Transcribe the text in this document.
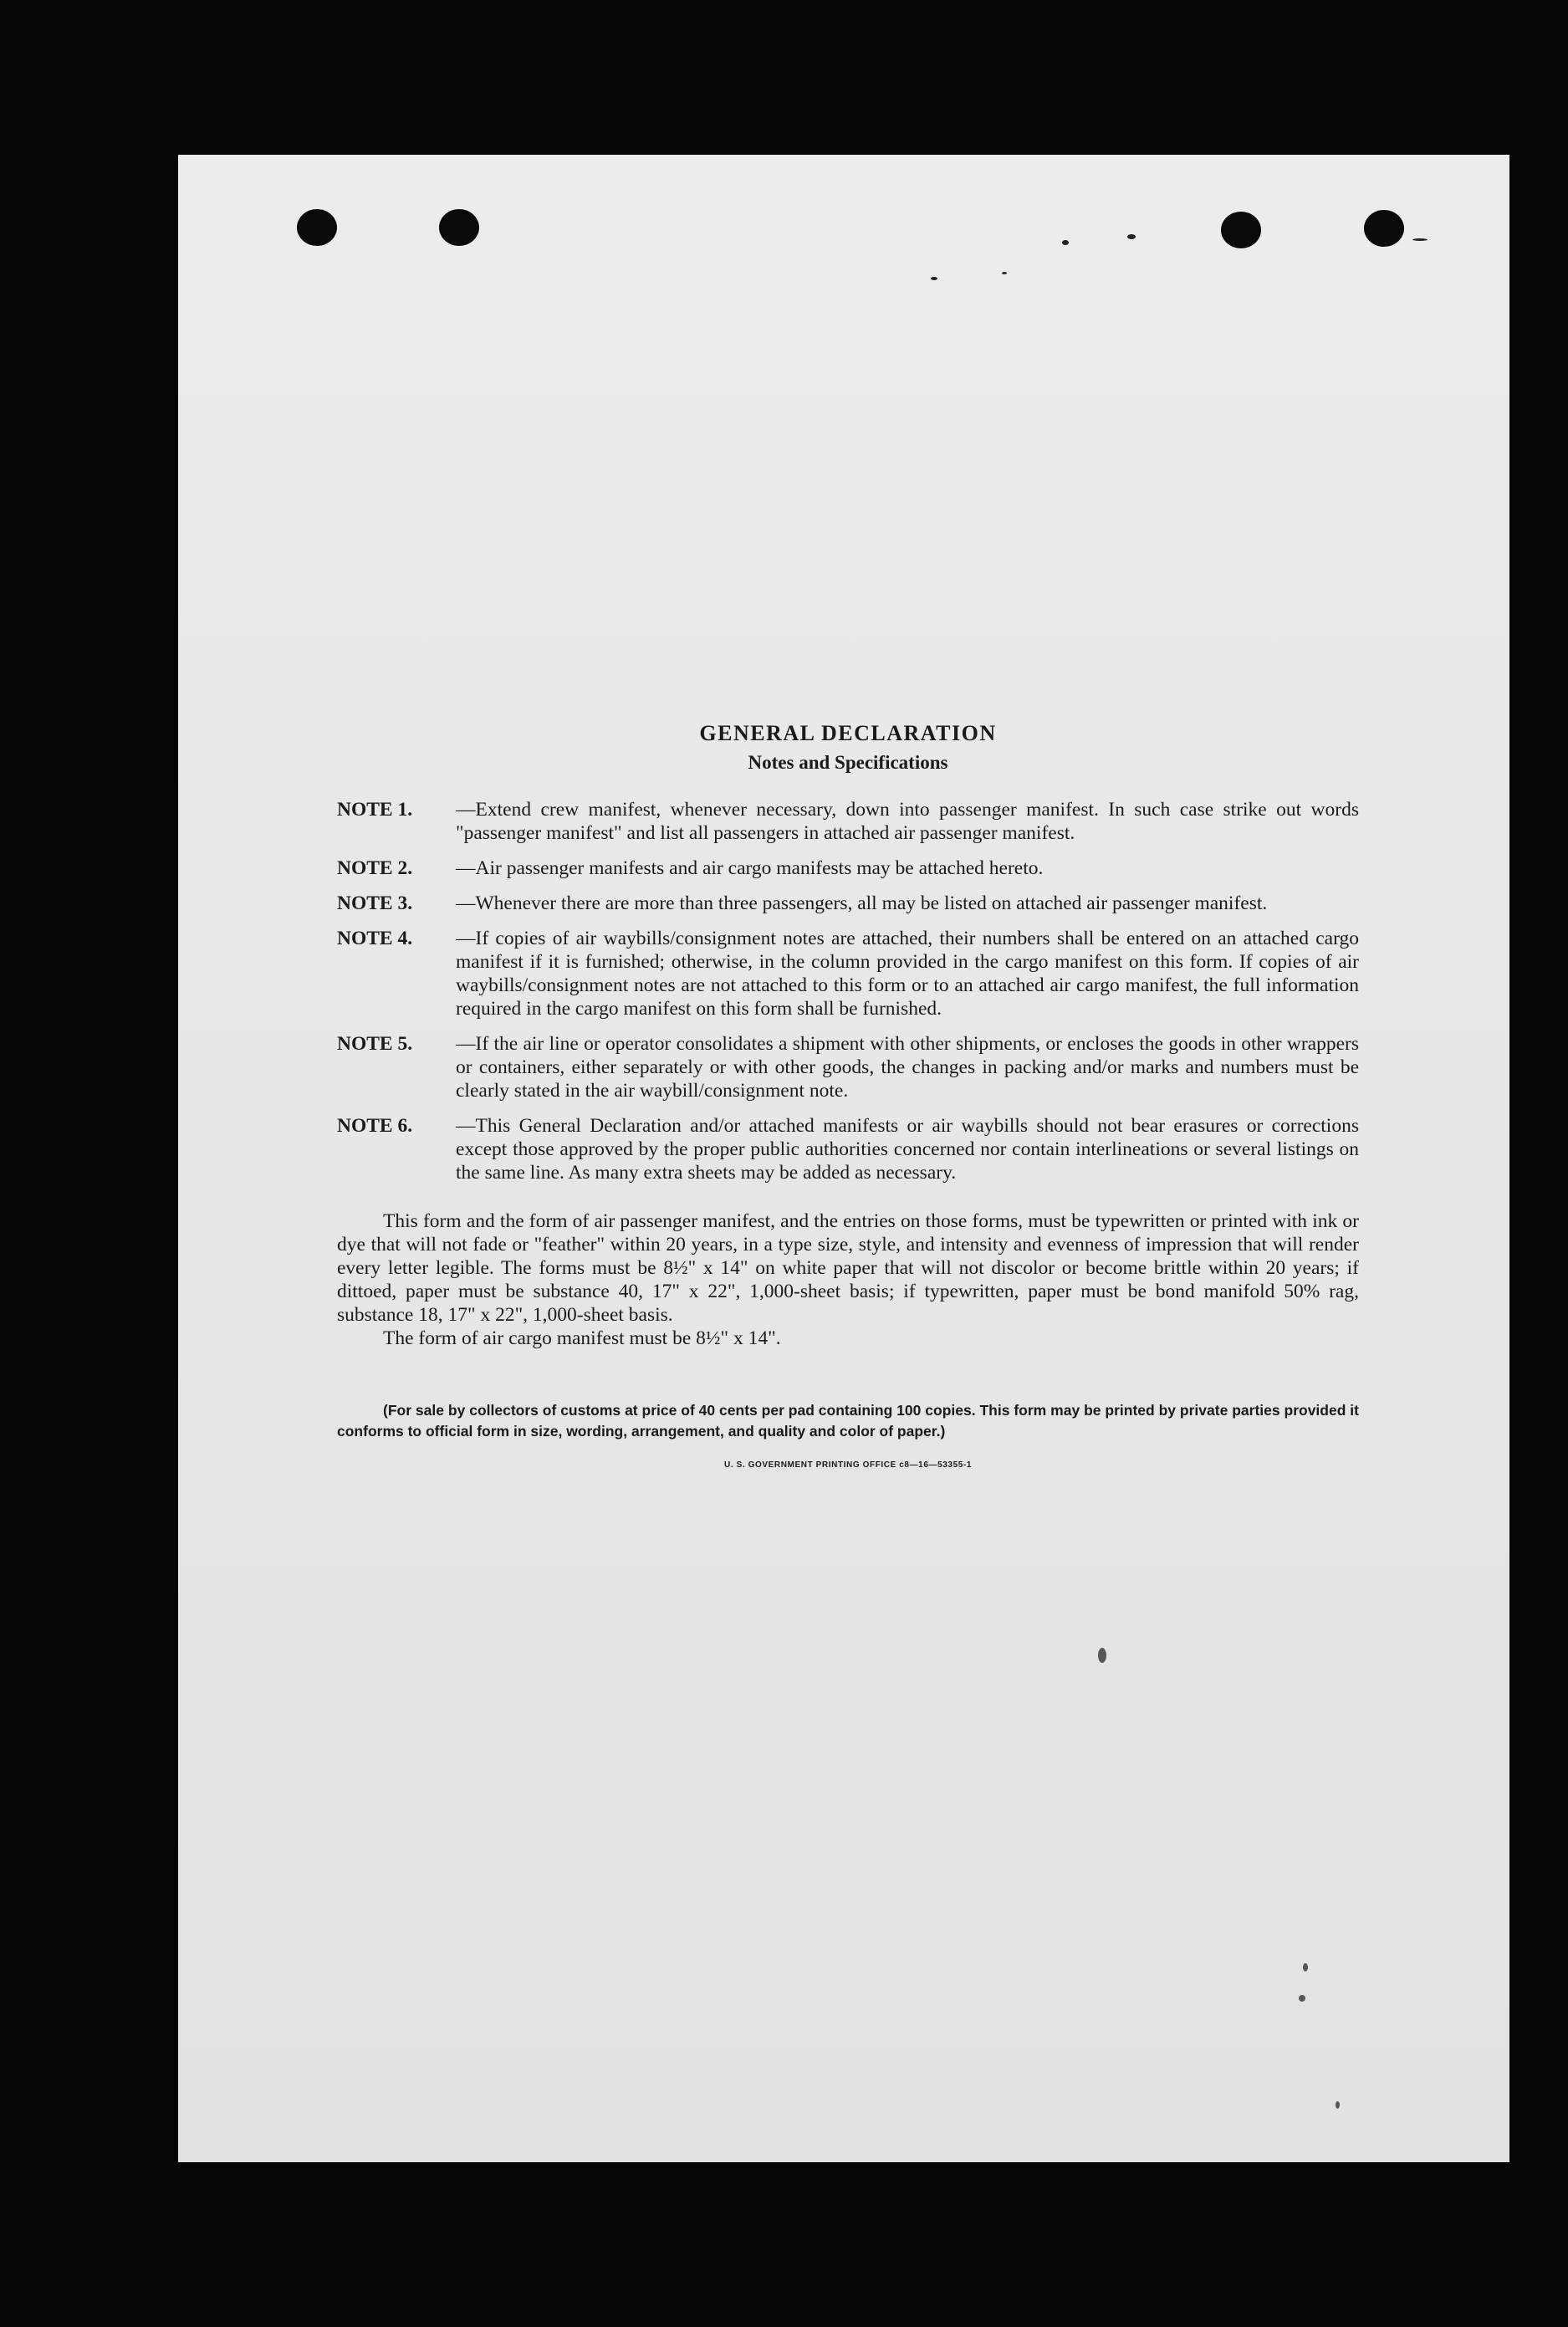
GENERAL DECLARATION
Notes and Specifications
NOTE 1.	—Extend crew manifest, whenever necessary, down into passenger manifest. In such case strike out words "passenger manifest" and list all passengers in attached air passenger manifest.
NOTE 2.	—Air passenger manifests and air cargo manifests may be attached hereto.
NOTE 3.	—Whenever there are more than three passengers, all may be listed on attached air passenger manifest.
NOTE 4.	—If copies of air waybills/consignment notes are attached, their numbers shall be entered on an attached cargo manifest if it is furnished; otherwise, in the column provided in the cargo manifest on this form. If copies of air waybills/consignment notes are not attached to this form or to an attached air cargo manifest, the full information required in the cargo manifest on this form shall be furnished.
NOTE 5.	—If the air line or operator consolidates a shipment with other shipments, or encloses the goods in other wrappers or containers, either separately or with other goods, the changes in packing and/or marks and numbers must be clearly stated in the air waybill/consignment note.
NOTE 6.	—This General Declaration and/or attached manifests or air waybills should not bear erasures or corrections except those approved by the proper public authorities concerned nor contain interlineations or several listings on the same line. As many extra sheets may be added as necessary.

This form and the form of air passenger manifest, and the entries on those forms, must be typewritten or printed with ink or dye that will not fade or "feather" within 20 years, in a type size, style, and intensity and evenness of impression that will render every letter legible. The forms must be 8½" x 14" on white paper that will not discolor or become brittle within 20 years; if dittoed, paper must be substance 40, 17" x 22", 1,000-sheet basis; if typewritten, paper must be bond manifold 50% rag, substance 18, 17" x 22", 1,000-sheet basis.

The form of air cargo manifest must be 8½" x 14".

(For sale by collectors of customs at price of 40 cents per pad containing 100 copies. This form may be printed by private parties provided it conforms to official form in size, wording, arrangement, and quality and color of paper.)

U. S. GOVERNMENT PRINTING OFFICE c8—16—53355-1
